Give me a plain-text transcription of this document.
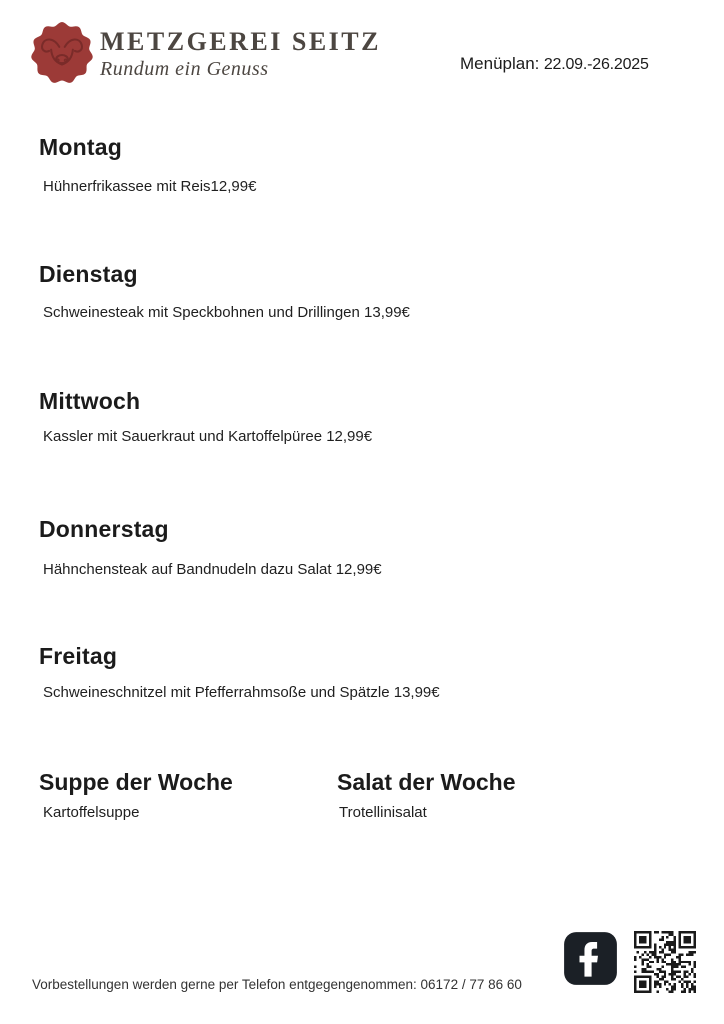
METZGEREI SEITZ
Rundum ein Genuss	Menüplan: 22.09.-26.2025
Montag
Hühnerfrikassee mit Reis12,99€
Dienstag
Schweinesteak mit Speckbohnen und Drillingen 13,99€
Mittwoch
Kassler mit Sauerkraut und Kartoffelpüree 12,99€
Donnerstag
Hähnchensteak auf Bandnudeln dazu Salat 12,99€
Freitag
Schweineschnitzel mit Pfefferrahmsoße und Spätzle 13,99€
Suppe der Woche
Kartoffelsuppe
Salat der Woche
Trotellinisalat
Vorbestellungen werden gerne per Telefon entgegengenommen: 06172 / 77 86 60
